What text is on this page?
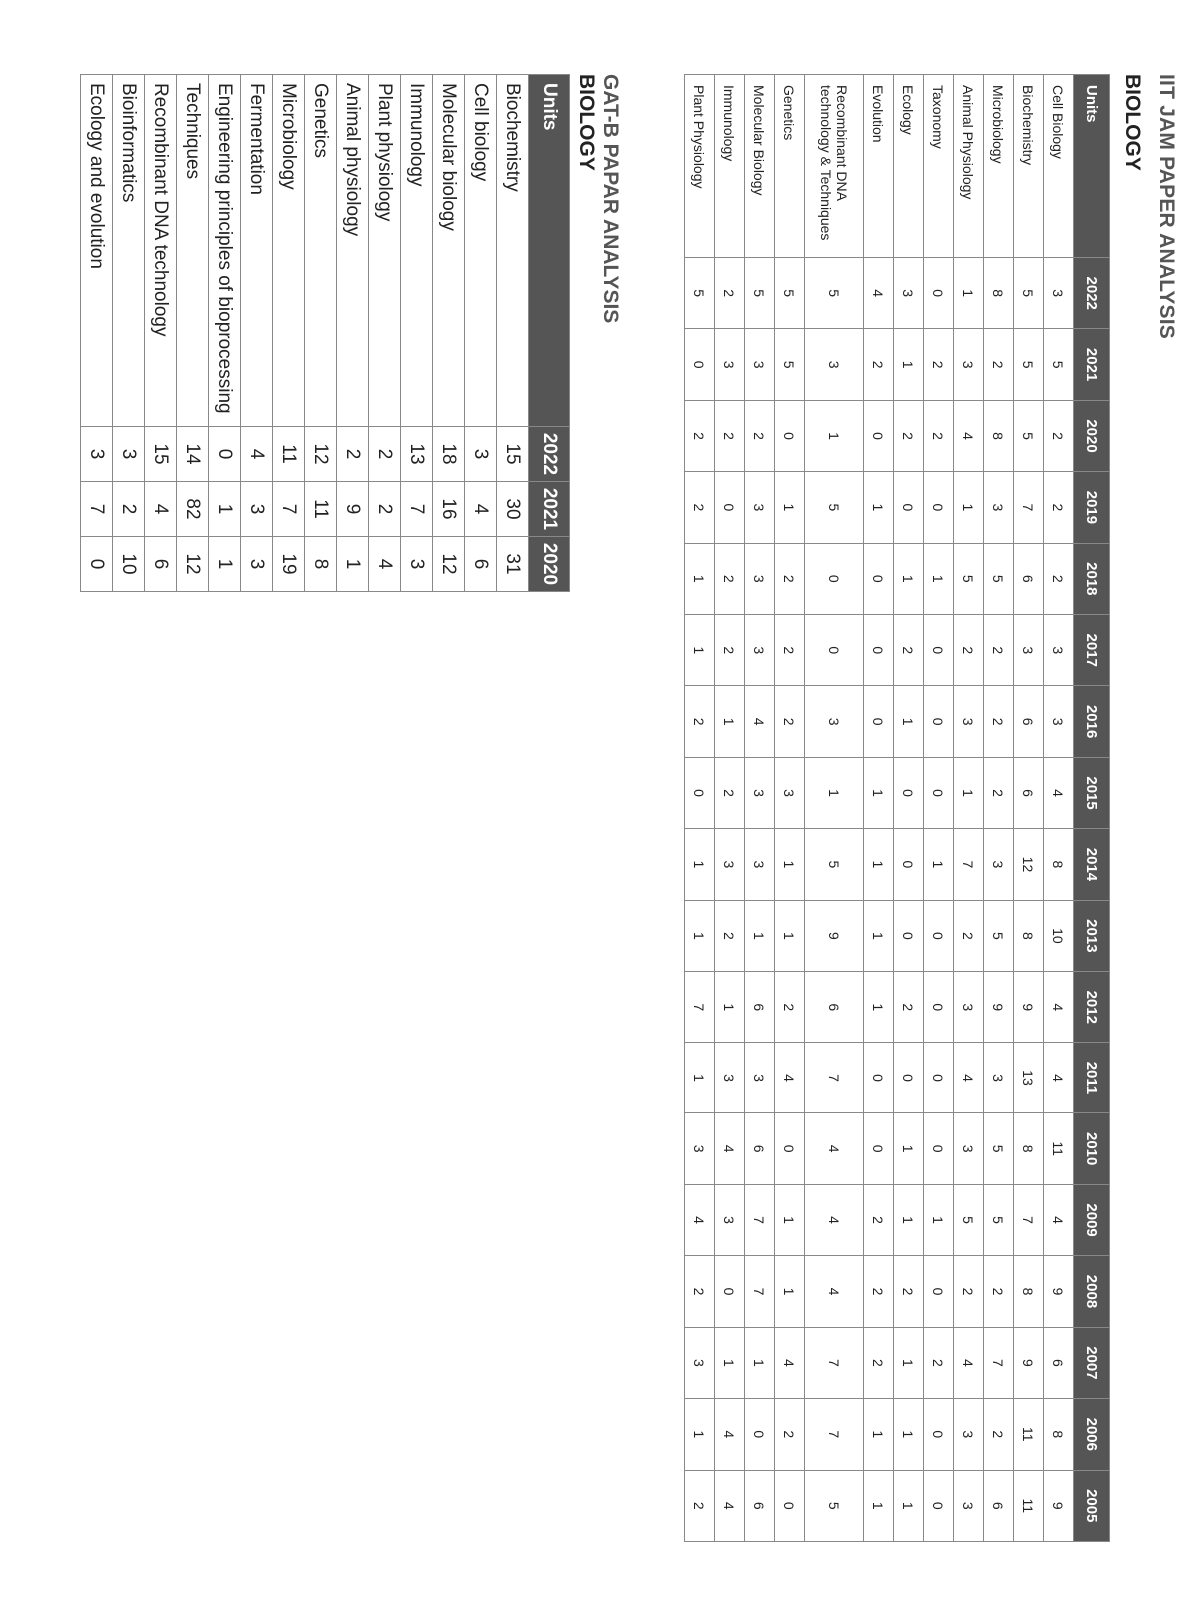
IIT JAM PAPER ANALYSIS
BIOLOGY
Units	2022	2021	2020	2019	2018	2017	2016	2015	2014	2013	2012	2011	2010	2009	2008	2007	2006	2005
Cell Biology	3	5	2	2	2	3	3	4	8	10	4	4	11	4	9	6	8	9
Biochemistry	5	5	5	7	6	3	6	6	12	8	9	13	8	7	8	9	11	11
Microbiology	8	2	8	3	5	2	2	2	3	5	9	3	5	5	2	7	2	6
Animal Physiology	1	3	4	1	5	2	3	1	7	2	3	4	3	5	2	4	3	3
Taxonomy	0	2	2	0	1	0	0	0	1	0	0	0	0	1	0	2	0	0
Ecology	3	1	2	0	1	2	1	0	0	0	2	0	1	1	2	1	1	1
Evolution	4	2	0	1	0	0	0	1	1	1	1	0	0	2	2	2	1	1
Recombinant DNA technology & Techniques	5	3	1	5	0	0	3	1	5	9	6	7	4	4	4	7	7	5
Genetics	5	5	0	1	2	2	2	3	1	1	2	4	0	1	1	4	2	0
Molecular Biology	5	3	2	3	3	3	4	3	3	1	6	3	6	7	7	1	0	6
Immunology	2	3	2	0	2	2	1	2	3	2	1	3	4	3	0	1	4	4
Plant Physiology	5	0	2	2	1	1	2	0	1	1	7	1	3	4	2	3	1	2
GAT-B PAPAR ANALYSIS
BIOLOGY
Units	2022	2021	2020
Biochemistry	15	30	31
Cell biology	3	4	6
Molecular biology	18	16	12
Immunology	13	7	3
Plant physiology	2	2	4
Animal physiology	2	9	1
Genetics	12	11	8
Microbiology	11	7	19
Fermentation	4	3	3
Engineering principles of bioprocessing	0	1	1
Techniques	14	82	12
Recombinant DNA technology	15	4	6
Bioinformatics	3	2	10
Ecology and evolution	3	7	0
